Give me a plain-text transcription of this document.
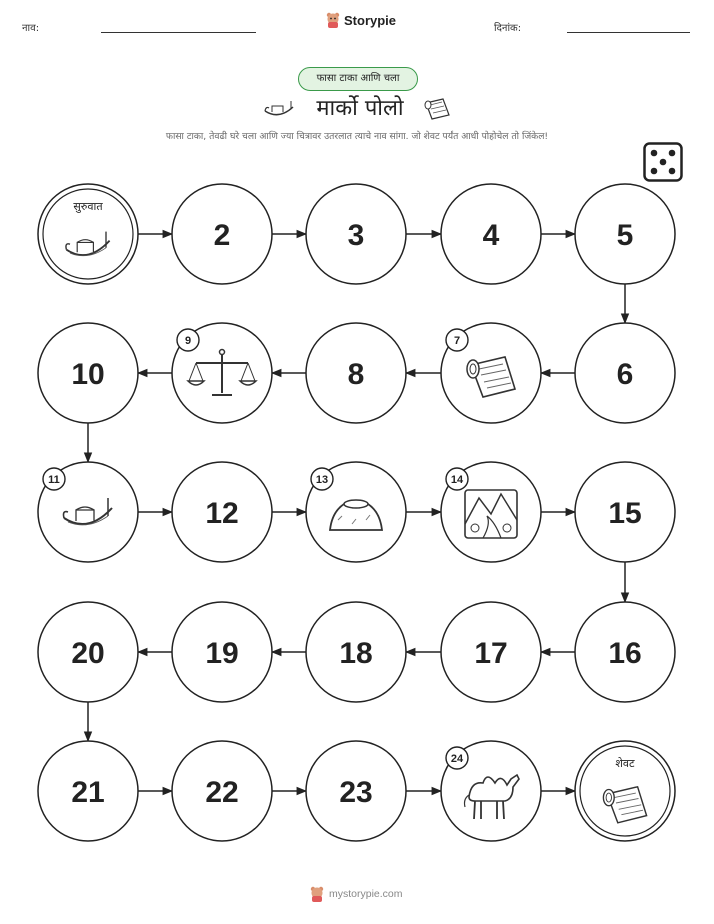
नाव:
Storypie
दिनांक:
फासा टाका आणि चला
मार्को पोलो
फासा टाका, तेवढी घरे चला आणि ज्या चित्रावर उतरलात त्याचे नाव सांगा. जो शेवट पर्यंत आधी पोहोचेल तो जिंकेल!
सुरुवात
2	3	4	5
6
7
8
9
10
11
12
13	14
15
16
17
18
19
20
21	22	23
24	शेवट
mystorypie.com
